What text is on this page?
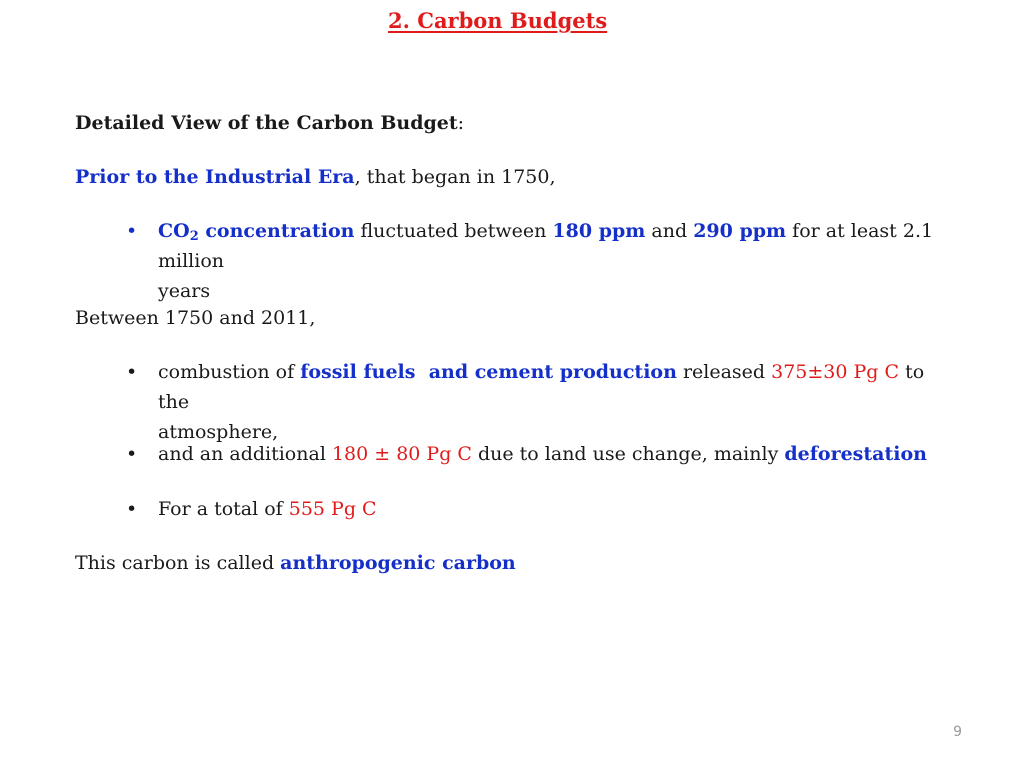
2. Carbon Budgets
Detailed View of the Carbon Budget:
Prior to the Industrial Era, that began in 1750,
• $CO_2$ concentration fluctuated between 180 ppm and 290 ppm for at least 2.1 million
years
Between 1750 and 2011,
• combustion of fossil fuels  and cement production released 375±30 Pg C to the
atmosphere,
• and an additional 180 ± 80 Pg C due to land use change, mainly deforestation
• For a total of 555 Pg C
This carbon is called anthropogenic carbon
9
